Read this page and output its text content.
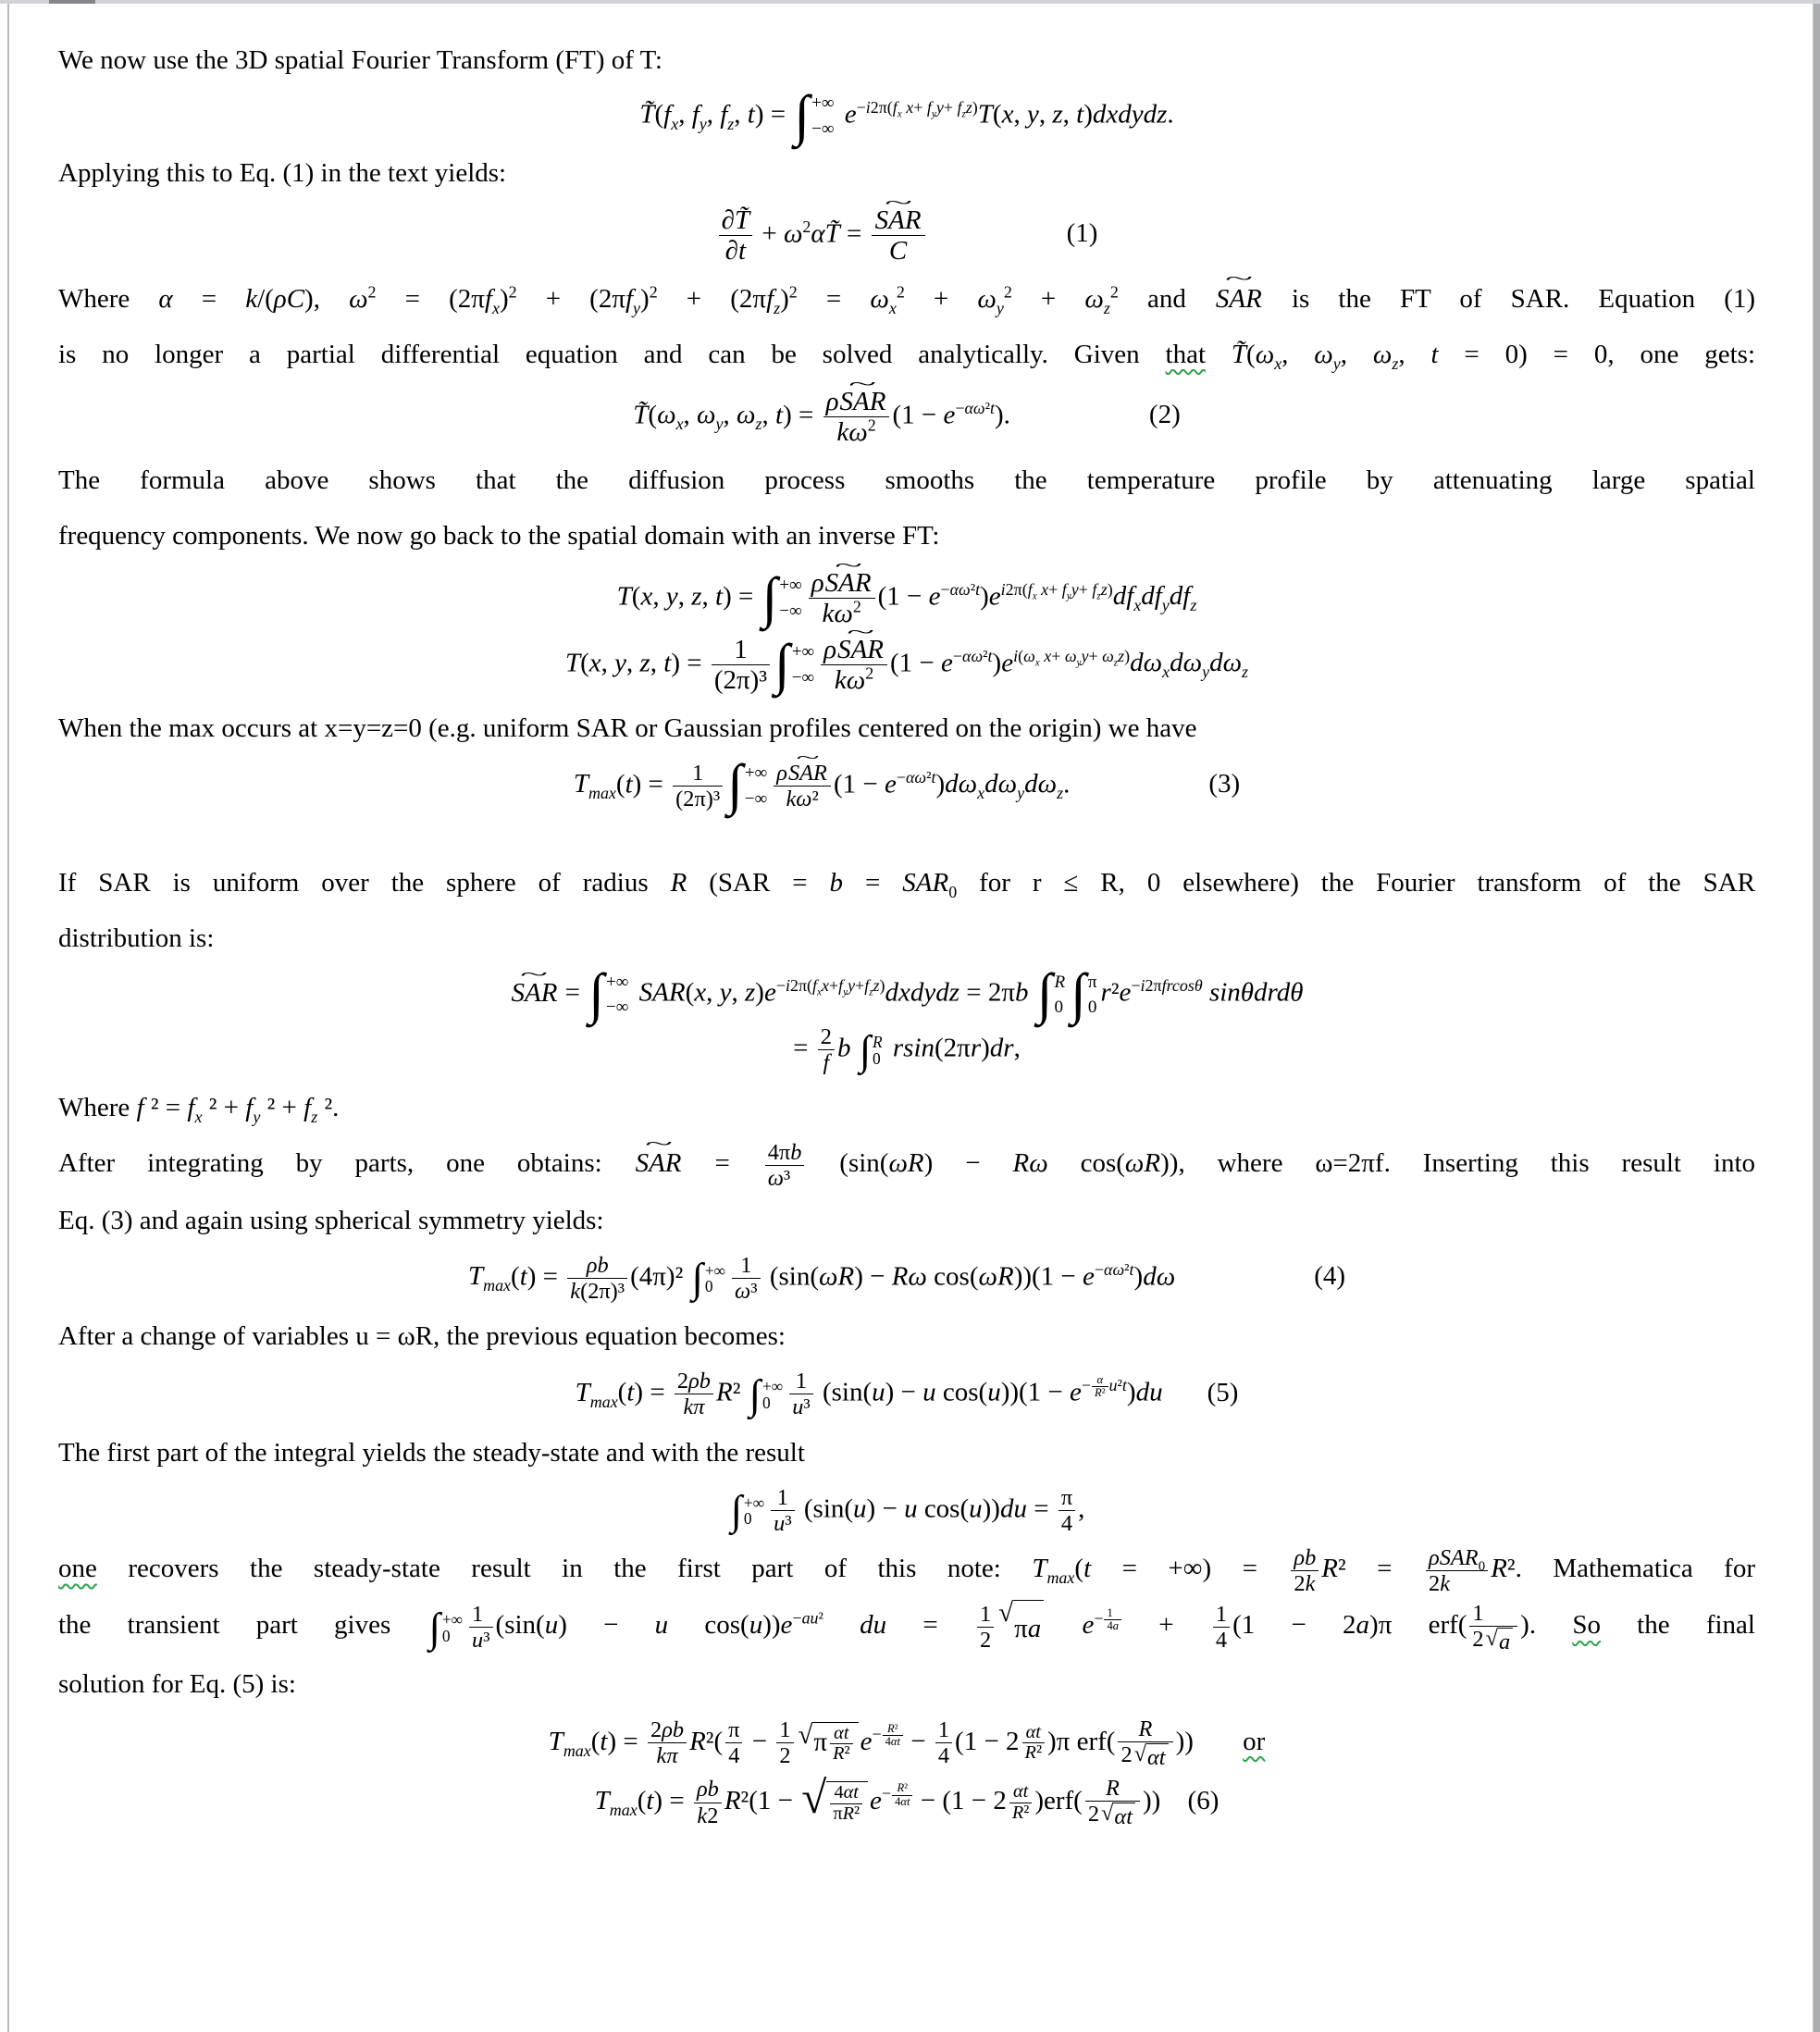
We now use the 3D spatial Fourier Transform (FT) of T:

$T̃(f_x$, $f_y$, $f_z$, t) = ∫ +∞
−∞
$e^{-i2\pi(f_x x+ f_yy+ f_zz)}T(x$, y, z, t)dxdydz.

Applying this to Eq. (1) in the text yields:

$\frac{\partial T̃}{\partial t}$ + $\omega^2\alpha T̃$ = SAR ~
C
(1)

Where α = k/(ρC), $\omega^2 = (2\pi f_x)^2 + (2\pi f_y)^2 + (2\pi f_z)^2 = \omega_x^2 + \omega_y^2 + \omega_z^2$ and SAR ~ is the FT of SAR. Equation (1)

is no longer a partial differential equation and can be solved analytically. Given that $T̃(\omega_x$, $\omega_y$, $\omega_z$, t = 0) = 0, one gets:

$T̃(\omega_x$, $\omega_y$, $\omega_z$, t) = ρSAR ~
$k\omega^2$ $(1 - e^{-\alpha\omega^2t})$.	(2)

The formula above shows that the diffusion process smooths the temperature profile by attenuating large spatial

frequency components. We now go back to the spatial domain with an inverse FT:

T(x, y, z, t) = ∫ +∞
−∞
ρSAR ~
$k\omega^2$ $(1 - e^{-\alpha\omega^2t})e^{i2\pi(f_x x+ f_yy+ f_zz)}df_xdf_ydf_z$
T(x, y, z, $t) = \frac{1}{\text{(2π)³}}$ ∫ +∞
−∞
ρSAR ~
$k\omega^2$ $(1 - e^{-\alpha\omega^2t})e^{i(\omega_x x+ \omega_yy+ \omega_zz)}d\omega_xd\omega_yd\omega_z$

When the max occurs at x=y=z=0 (e.g. uniform SAR or Gaussian profiles centered on the origin) we have

$T_{max}(t) = \frac{1}{\text{(2π)³}}$ ∫ +∞
−∞
ρSAR ~
kω²
$(1 - e^{-\alpha\omega^2t})d\omega_xd\omega_yd\omega_z$.	(3)

If SAR is uniform over the sphere of radius R ($SAR = b = SAR_0$ for r ≤ R, 0 elsewhere) the Fourier transform of the SAR

distribution is:

SAR ~ = ∫ +∞
−∞
SAR(x, y, $z)e^{-i2\pi(f_xx+f_yy+f_zz)}dxdydz = 2\pi b$ ∫ R
0 ∫ π
0
$r^2e^{-i2\pi frcos\theta}$ sinθdrdθ
= $\frac{2}{f}$ b ∫ R
0 rsin(2πr)dr,

Where f $^2 = f_x$ $^2 + f_y$ $^2 + f_z$ ².

After integrating by parts, one obtains: SAR ~ = $\frac{4\pi b}{\text{ω³}} (\sin(\omega R) - R\omega$ cos(ωR)), where ω=2πf. Inserting this result into

Eq. (3) and again using spherical symmetry yields:

$T_{max}(t) = \frac{\rho b}{\text{k(2π)³}} (4\pi)^2$ ∫ +∞
$0 \frac{1}{\text{ω³}} (\sin(\omega R) - R\omega$ $\cos(\omega R))(1 - e^{-\alpha\omega^2t})d\omega$	(4)

After a change of variables u = ωR, the previous equation becomes:

$T_{max}(t) = \frac{2\rho b}{k\pi} R^2$ ∫ +∞
$0 \frac{1}{\text{u³}} (\sin(u) - u$ $\cos(u))(1 - e^{- \frac{\alpha}{\text{R²}} u^2t})du$ (5)

The first part of the integral yields the steady-state and with the result

∫ +∞
$0 \frac{1}{\text{u³}} (\sin(u) - u$ $\cos(u))du = \frac{\pi}{4}$ ,

one recovers the steady-state result in the first part of this note: $T_{max}(t$ = +∞) = $\frac{\rho b}{2k} R^2 = \rho SAR_0$
2k
R². Mathematica for

the transient part gives ∫ +∞
$0 \frac{1}{\text{u³}} (\sin(u) - u$ $\cos(u))e^{-au^2}$ du = $\frac{1}{2} √\pi a$ $e^{- \frac{1}{4a}} + \frac{1}{4} (1 - 2a)\pi$ $erf( \frac{1}{2√a}$ ). So the final

solution for Eq. (5) is:

$T_{max}(t) = \frac{2\rho b}{k\pi} R^2( \frac{\pi}{4} - \frac{1}{2} √\pi \frac{\alpha t}{\text{R²}} e^{- \frac{\text{R²}}{4\alpha t}} - \frac{1}{4} (1 - 2 \frac{\alpha t}{\text{R²}} )\pi$ $erf( \frac{R}{2√\alpha t}$ )) or
$T_{max}(t) = \frac{\rho b}{k2} R^2(1$ − √ $\frac{4\alpha t}{\text{πR²}} e^{- \frac{\text{R²}}{4\alpha t}} - (1 - 2 \frac{\alpha t}{\text{R²}} )erf( \frac{R}{2√\alpha t}$ )) (6)
